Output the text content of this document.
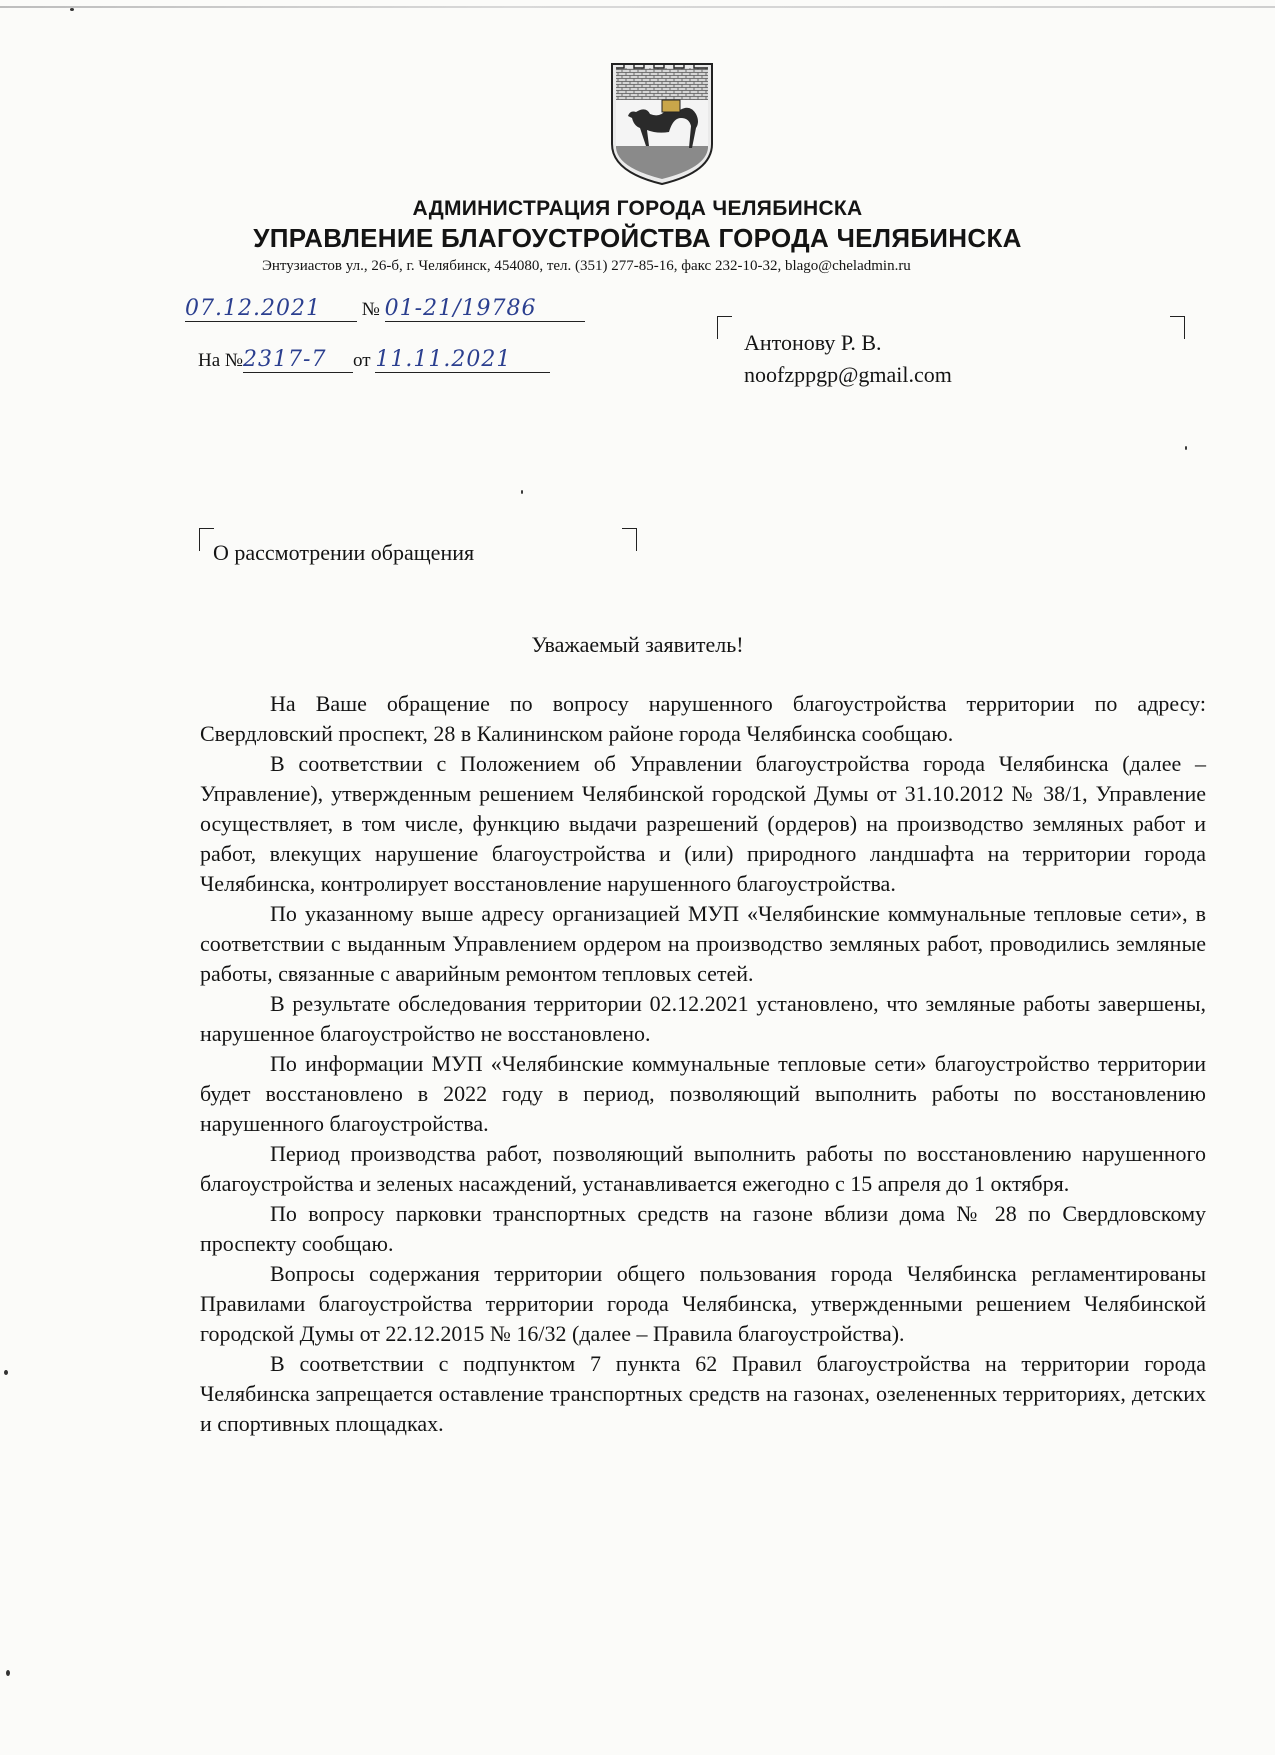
АДМИНИСТРАЦИЯ ГОРОДА ЧЕЛЯБИНСКА
УПРАВЛЕНИЕ БЛАГОУСТРОЙСТВА ГОРОДА ЧЕЛЯБИНСКА
Энтузиастов ул., 26-б, г. Челябинск, 454080, тел. (351) 277-85-16, факс 232-10-32, blago@cheladmin.ru
07.12.2021 № 01-21/19786
На №2317-7 от 11.11.2021
Антонову Р. В.
noofzppgp@gmail.com
О рассмотрении обращения
Уважаемый заявитель!

На Ваше обращение по вопросу нарушенного благоустройства территории по адресу: Свердловский проспект, 28 в Калининском районе города Челябинска сообщаю.

В соответствии с Положением об Управлении благоустройства города Челябинска (далее – Управление), утвержденным решением Челябинской городской Думы от 31.10.2012 № 38/1, Управление осуществляет, в том числе, функцию выдачи разрешений (ордеров) на производство земляных работ и работ, влекущих нарушение благоустройства и (или) природного ландшафта на территории города Челябинска, контролирует восстановление нарушенного благоустройства.

По указанному выше адресу организацией МУП «Челябинские коммунальные тепловые сети», в соответствии с выданным Управлением ордером на производство земляных работ, проводились земляные работы, связанные с аварийным ремонтом тепловых сетей.

В результате обследования территории 02.12.2021 установлено, что земляные работы завершены, нарушенное благоустройство не восстановлено.

По информации МУП «Челябинские коммунальные тепловые сети» благоустройство территории будет восстановлено в 2022 году в период, позволяющий выполнить работы по восстановлению нарушенного благоустройства.

Период производства работ, позволяющий выполнить работы по восстановлению нарушенного благоустройства и зеленых насаждений, устанавливается ежегодно с 15 апреля до 1 октября.

По вопросу парковки транспортных средств на газоне вблизи дома № 28 по Свердловскому проспекту сообщаю.

Вопросы содержания территории общего пользования города Челябинска регламентированы Правилами благоустройства территории города Челябинска, утвержденными решением Челябинской городской Думы от 22.12.2015 № 16/32 (далее – Правила благоустройства).

В соответствии с подпунктом 7 пункта 62 Правил благоустройства на территории города Челябинска запрещается оставление транспортных средств на газонах, озелененных территориях, детских и спортивных площадках.
